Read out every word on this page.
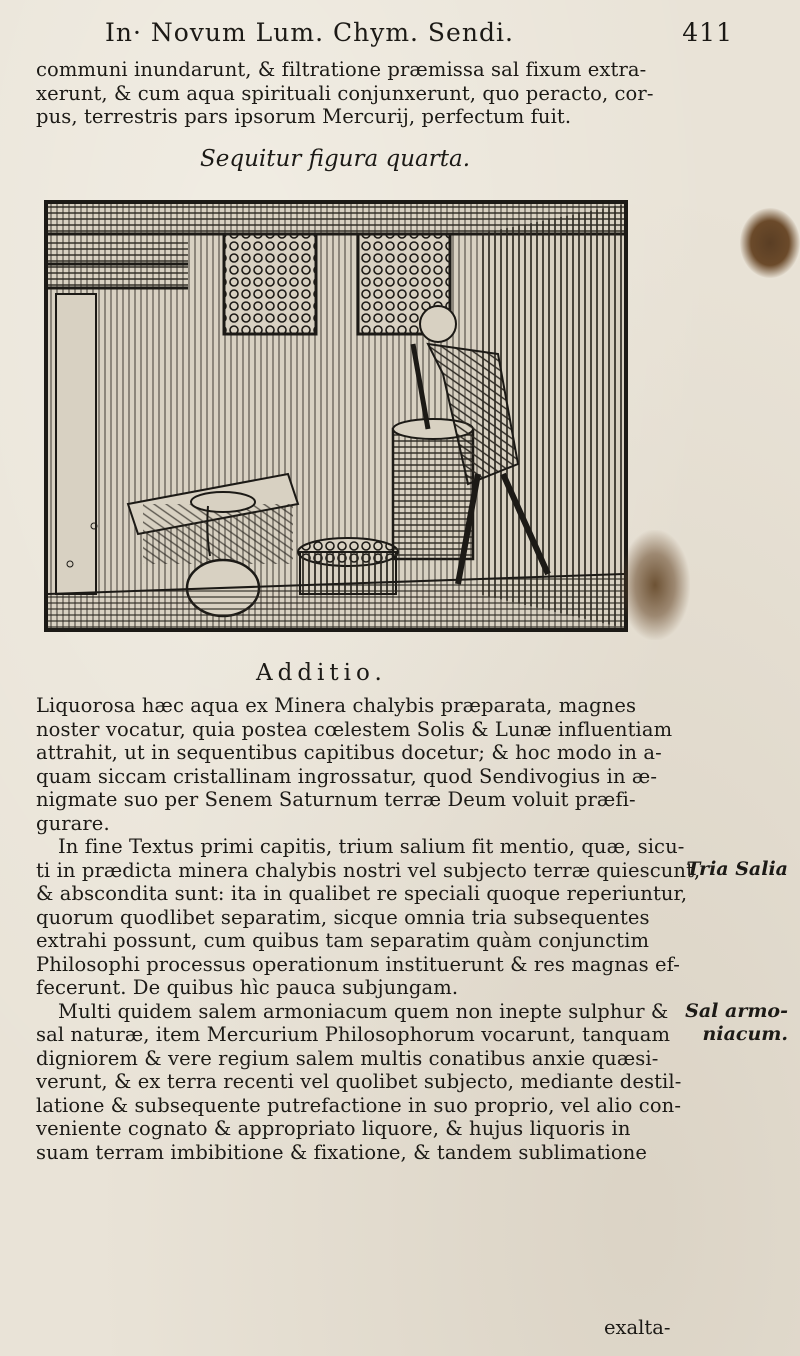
In· Novum Lum. Chym. Sendi.	411
communi inundarunt, & filtratione præmissa sal fixum extra-
xerunt, & cum aqua spirituali conjunxerunt, quo peracto, cor-
pus, terrestris pars ipsorum Mercurij, perfectum fuit.
Sequitur figura quarta.
Additio.
Liquorosa hæc aqua ex Minera chalybis præparata, magnes
noster vocatur, quia postea cœlestem Solis & Lunæ influentiam
attrahit, ut in sequentibus capitibus docetur; & hoc modo in a-
quam siccam cristallinam ingrossatur, quod Sendivogius in æ-
nigmate suo per Senem Saturnum terræ Deum voluit præfi-
gurare.
In fine Textus primi capitis, trium salium fit mentio, quæ, sicu-
ti in prædicta minera chalybis nostri vel subjecto terræ quiescunt,
& abscondita sunt: ita in qualibet re speciali quoque reperiuntur,
quorum quodlibet separatim, sicque omnia tria subsequentes
extrahi possunt, cum quibus tam separatim quàm conjunctim
Philosophi processus operationum instituerunt & res magnas ef-
fecerunt. De quibus hìc pauca subjungam.
Multi quidem salem armoniacum quem non inepte sulphur &
sal naturæ, item Mercurium Philosophorum vocarunt, tanquam
digniorem & vere regium salem multis conatibus anxie quæsi-
verunt, & ex terra recenti vel quolibet subjecto, mediante destil-
latione & subsequente putrefactione in suo proprio, vel alio con-
veniente cognato & appropriato liquore, & hujus liquoris in
suam terram imbibitione & fixatione, & tandem sublimatione
Tria Salia
Sal armo-
niacum.
exalta-
